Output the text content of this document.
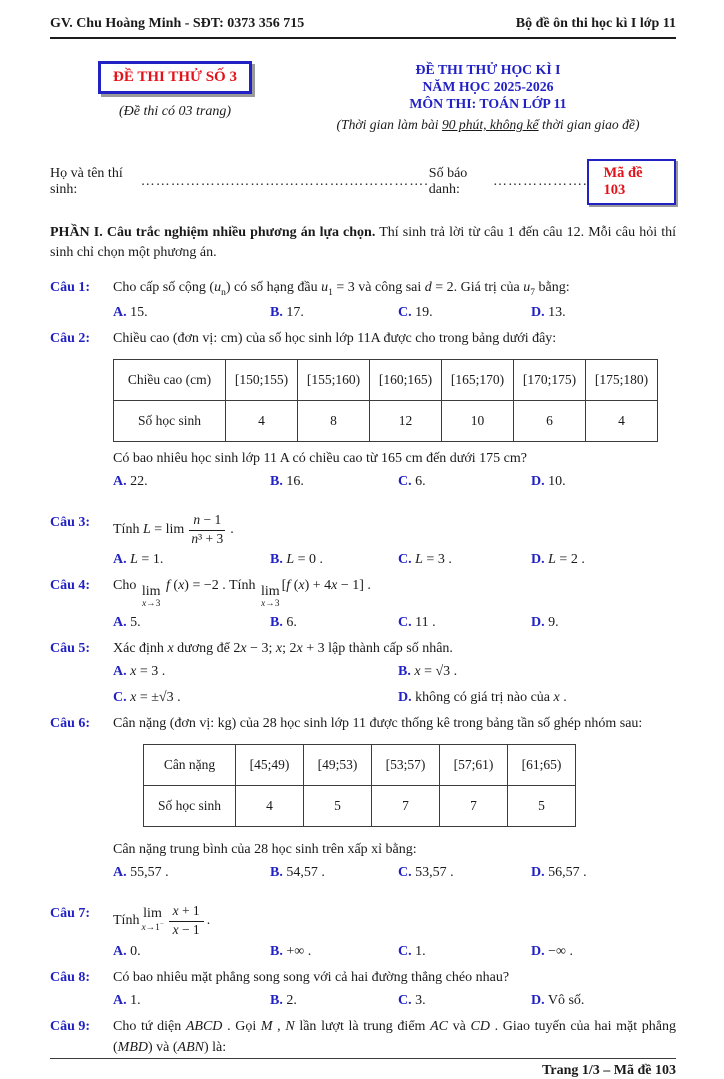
GV. Chu Hoàng Minh - SĐT: 0373 356 715	Bộ đề ôn thi học kì I lớp 11
ĐỀ THI THỬ SỐ 3
(Đề thi có 03 trang)
ĐỀ THI THỬ HỌC KÌ I
NĂM HỌC 2025-2026
MÔN THI: TOÁN LỚP 11
(Thời gian làm bài 90 phút, không kể thời gian giao đề)
Họ và tên thí sinh:
……………….……….………….…………….
Số báo danh:
……………….
Mã đề 103

PHẦN I. Câu trắc nghiệm nhiều phương án lựa chọn. Thí sinh trả lời từ câu 1 đến câu 12. Mỗi câu hỏi thí sinh chỉ chọn một phương án.

Câu 1:	Cho cấp số cộng $(u_n)$ có số hạng đầu $u_1 = 3$ và công sai d = 2. Giá trị của $u_7$ bằng:
A. 15.	B. 17.	C. 19.	D. 13.
Câu 2:	Chiều cao (đơn vị: cm) của số học sinh lớp 11A được cho trong bảng dưới đây:
Chiều cao (cm)	[150;155)	[155;160)	[160;165)	[165;170)	[170;175)	[175;180)
Số học sinh	4	8	12	10	6	4
Có bao nhiêu học sinh lớp 11 A có chiều cao từ 165 cm đến dưới 175 cm?
A. 22.	B. 16.	C. 6.	D. 10.
Câu 3:	Tính $L = \lim \frac{n - 1}{\text{n³ + 3}}$ .
A. L = 1.	B. L = 0 .	C. L = 3 .	D. L = 2 .
Câu 4:	Cho lim
x→3
f (x) = −2 . Tính lim
x→3
[f (x) + 4x − 1] .
A. 5.	B. 6.	C. 11 .	D. 9.
Câu 5:	Xác định x dương để 2x − 3; x; 2x + 3 lập thành cấp số nhân.
A. x = 3 .	B. x = √3 .
C. x = ±√3 .	D. không có giá trị nào của x .
Câu 6:	Cân nặng (đơn vị: kg) của 28 học sinh lớp 11 được thống kê trong bảng tần số ghép nhóm sau:
Cân nặng	[45;49)	[49;53)	[53;57)	[57;61)	[61;65)
Số học sinh	4	5	7	7	5
Cân nặng trung bình của 28 học sinh trên xấp xỉ bằng:
A. 55,57 .	B. 54,57 .	C. 53,57 .	D. 56,57 .
Câu 7:	Tính lim
$x\to 1^- \frac{x + 1}{x - 1}$ .
A. 0.	B. +∞ .	C. 1.	D. −∞ .
Câu 8:	Có bao nhiêu mặt phẳng song song với cả hai đường thẳng chéo nhau?
A. 1.	B. 2.	C. 3.	D. Vô số.
Câu 9:	Cho tứ diện ABCD . Gọi M , N lần lượt là trung điểm AC và CD . Giao tuyến của hai mặt phẳng (MBD) và (ABN) là:
Trang 1/3 – Mã đề 103
